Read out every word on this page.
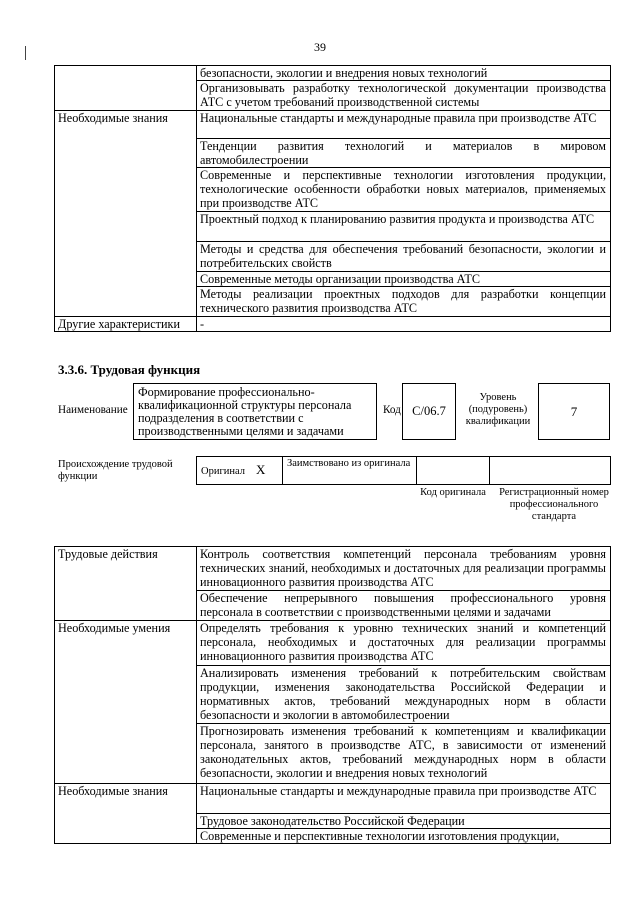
39
	безопасности, экологии и внедрения новых технологий
	Организовывать разработку технологической документации производства АТС с учетом требований производственной системы
Необходимые знания	Национальные стандарты и международные правила при производстве АТС
	Тенденции развития технологий и материалов в мировом автомобилестроении
	Современные и перспективные технологии изготовления продукции, технологические особенности обработки новых материалов, применяемых при производстве АТС
	Проектный подход к планированию развития продукта и производства АТС
	Методы и средства для обеспечения требований безопасности, экологии и потребительских свойств
	Современные методы организации производства АТС
	Методы реализации проектных подходов для разработки концепции технического развития производства АТС
Другие характеристики	-
3.3.6. Трудовая функция
Наименование
Формирование профессионально-квалификационной структуры персонала подразделения в соответствии с производственными целями и задачами
Код С/06.7
Уровень (подуровень) квалификации
7
Происхождение трудовой функции	Оригинал X	Заимствовано из оригинала		
Код оригинала Регистрационный номер профессионального стандарта
Трудовые действия	Контроль соответствия компетенций персонала требованиям уровня технических знаний, необходимых и достаточных для реализации программы инновационного развития производства АТС
	Обеспечение непрерывного повышения профессионального уровня персонала в соответствии с производственными целями и задачами
Необходимые умения	Определять требования к уровню технических знаний и компетенций персонала, необходимых и достаточных для реализации программы инновационного развития производства АТС
	Анализировать изменения требований к потребительским свойствам продукции, изменения законодательства Российской Федерации и нормативных актов, требований международных норм в области безопасности и экологии в автомобилестроении
	Прогнозировать изменения требований к компетенциям и квалификации персонала, занятого в производстве АТС, в зависимости от изменений законодательных актов, требований международных норм в области безопасности, экологии и внедрения новых технологий
Необходимые знания	Национальные стандарты и международные правила при производстве АТС
	Трудовое законодательство Российской Федерации
	Современные и перспективные технологии изготовления продукции,
